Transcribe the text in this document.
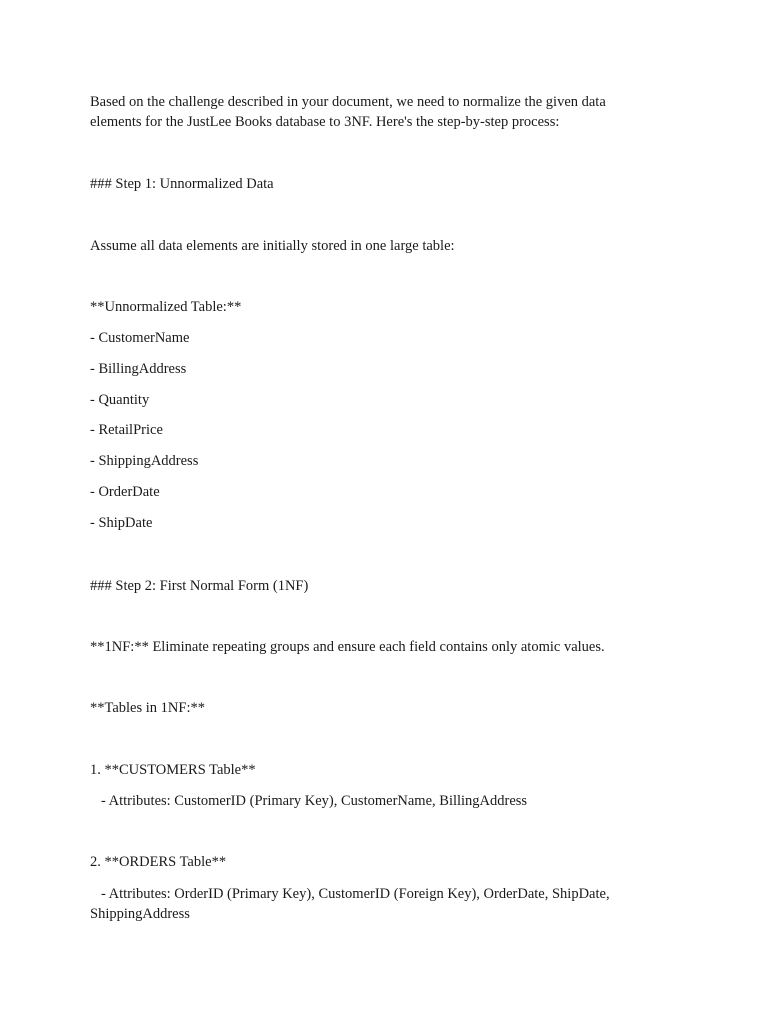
Based on the challenge described in your document, we need to normalize the given data
elements for the JustLee Books database to 3NF. Here's the step-by-step process:
### Step 1: Unnormalized Data
Assume all data elements are initially stored in one large table:
**Unnormalized Table:**
- CustomerName
- BillingAddress
- Quantity
- RetailPrice
- ShippingAddress
- OrderDate
- ShipDate
### Step 2: First Normal Form (1NF)
**1NF:** Eliminate repeating groups and ensure each field contains only atomic values.
**Tables in 1NF:**
1. **CUSTOMERS Table**
- Attributes: CustomerID (Primary Key), CustomerName, BillingAddress
2. **ORDERS Table**
- Attributes: OrderID (Primary Key), CustomerID (Foreign Key), OrderDate, ShipDate,
ShippingAddress
